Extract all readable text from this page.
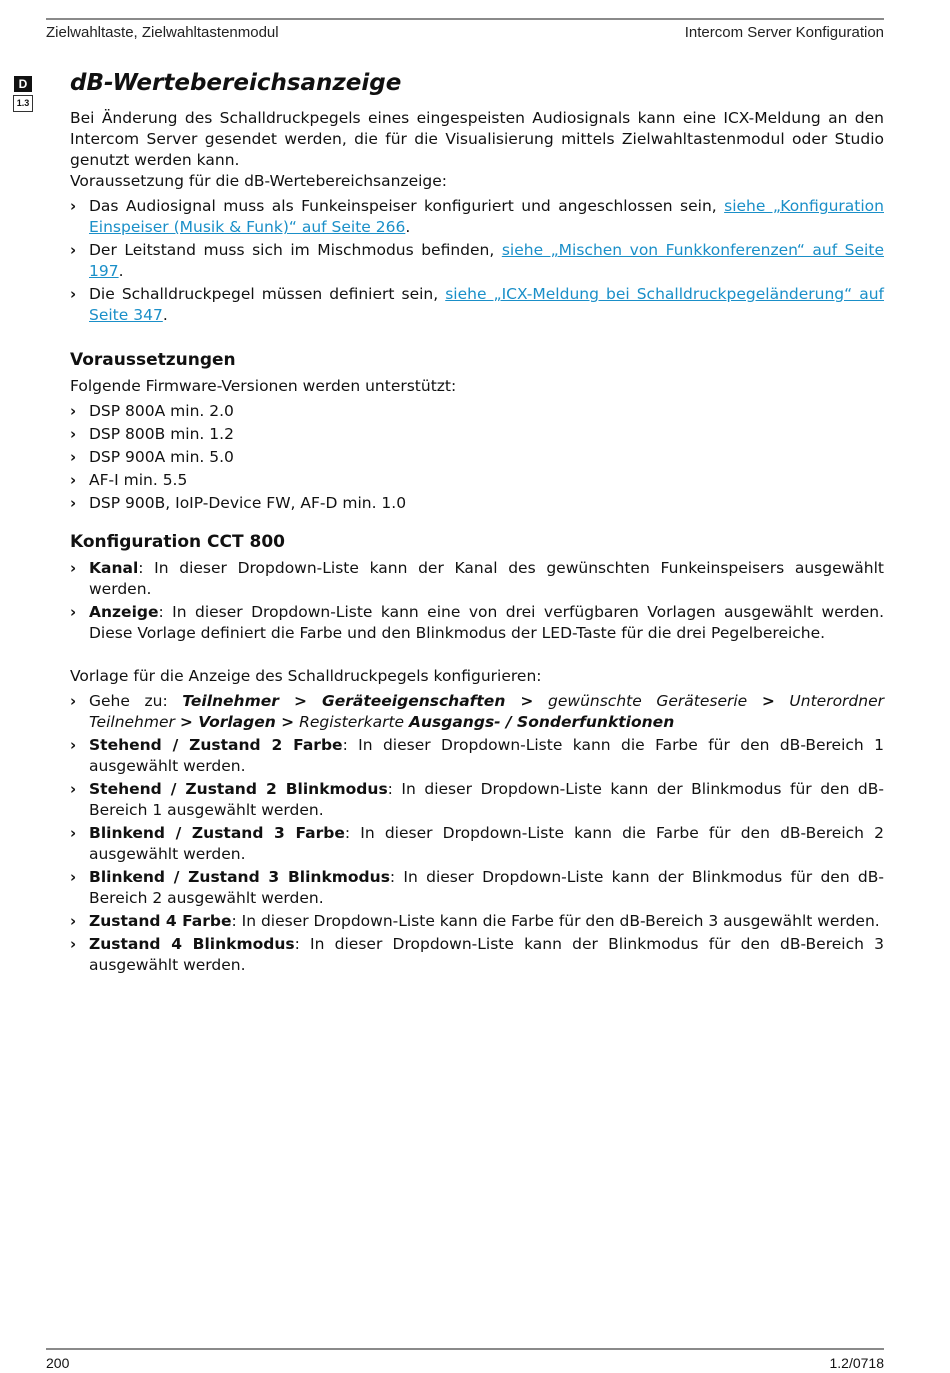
Zielwahltaste, Zielwahltastenmodul	Intercom Server Konfiguration
D
1.3
dB-Wertebereichsanzeige

Bei Änderung des Schalldruckpegels eines eingespeisten Audiosignals kann eine ICX-Meldung an den Intercom Server gesendet werden, die für die Visualisierung mittels Zielwahltastenmodul oder Studio genutzt werden kann.

Voraussetzung für die dB-Wertebereichsanzeige:

› Das Audiosignal muss als Funkeinspeiser konfiguriert und angeschlossen sein, siehe „Konfiguration Einspeiser (Musik & Funk)“ auf Seite 266.
› Der Leitstand muss sich im Mischmodus befinden, siehe „Mischen von Funkkonferenzen“ auf Seite 197.
› Die Schalldruckpegel müssen definiert sein, siehe „ICX-Meldung bei Schalldruckpegeländerung“ auf Seite 347.
Voraussetzungen

Folgende Firmware-Versionen werden unterstützt:

› DSP 800A min. 2.0
› DSP 800B min. 1.2
› DSP 900A min. 5.0
› AF-I min. 5.5
› DSP 900B, IoIP-Device FW, AF-D min. 1.0
Konfiguration CCT 800
› Kanal: In dieser Dropdown-Liste kann der Kanal des gewünschten Funkeinspeisers ausgewählt werden.
› Anzeige: In dieser Dropdown-Liste kann eine von drei verfügbaren Vorlagen ausgewählt werden. Diese Vorlage definiert die Farbe und den Blinkmodus der LED-Taste für die drei Pegelbereiche.

Vorlage für die Anzeige des Schalldruckpegels konfigurieren:

› Gehe zu: Teilnehmer > Geräteeigenschaften > gewünschte Geräteserie > Unterordner Teilnehmer > Vorlagen > Registerkarte Ausgangs- / Sonderfunktionen
› Stehend / Zustand 2 Farbe: In dieser Dropdown-Liste kann die Farbe für den dB-Bereich 1 ausgewählt werden.
› Stehend / Zustand 2 Blinkmodus: In dieser Dropdown-Liste kann der Blinkmodus für den dB-Bereich 1 ausgewählt werden.
› Blinkend / Zustand 3 Farbe: In dieser Dropdown-Liste kann die Farbe für den dB-Bereich 2 ausgewählt werden.
› Blinkend / Zustand 3 Blinkmodus: In dieser Dropdown-Liste kann der Blinkmodus für den dB-Bereich 2 ausgewählt werden.
› Zustand 4 Farbe: In dieser Dropdown-Liste kann die Farbe für den dB-Bereich 3 ausgewählt werden.
› Zustand 4 Blinkmodus: In dieser Dropdown-Liste kann der Blinkmodus für den dB-Bereich 3 ausgewählt werden.
200	1.2/0718
